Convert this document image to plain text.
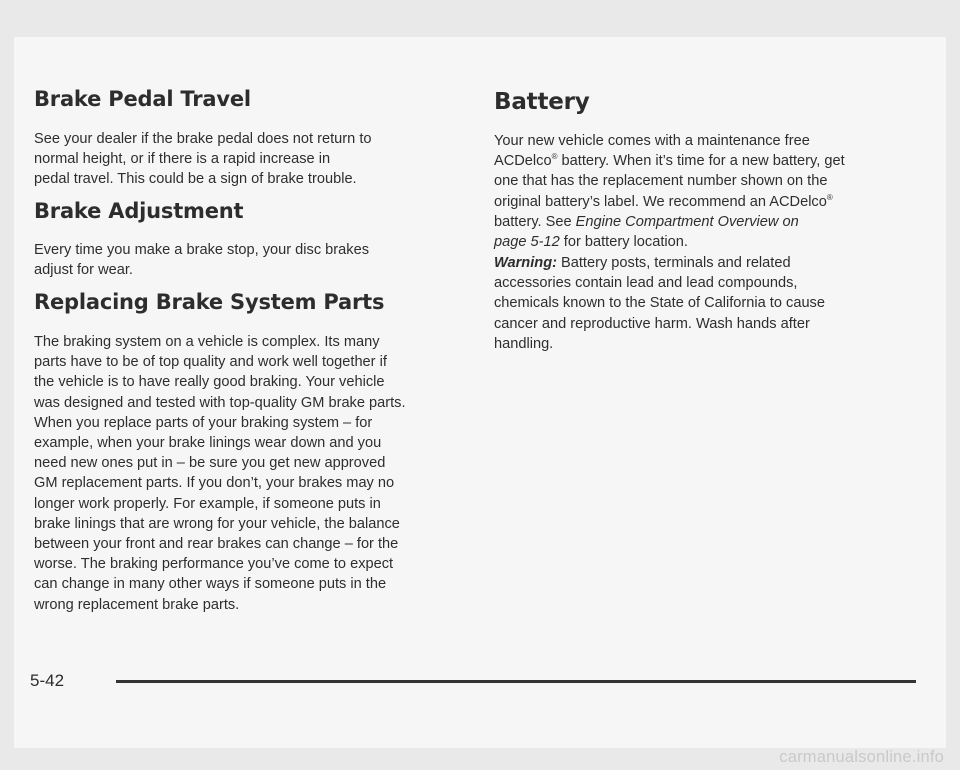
Brake Pedal Travel

See your dealer if the brake pedal does not return to
normal height, or if there is a rapid increase in
pedal travel. This could be a sign of brake trouble.

Brake Adjustment

Every time you make a brake stop, your disc brakes
adjust for wear.

Replacing Brake System Parts

The braking system on a vehicle is complex. Its many
parts have to be of top quality and work well together if
the vehicle is to have really good braking. Your vehicle
was designed and tested with top-quality GM brake parts.
When you replace parts of your braking system – for
example, when your brake linings wear down and you
need new ones put in – be sure you get new approved
GM replacement parts. If you don’t, your brakes may no
longer work properly. For example, if someone puts in
brake linings that are wrong for your vehicle, the balance
between your front and rear brakes can change – for the
worse. The braking performance you’ve come to expect
can change in many other ways if someone puts in the
wrong replacement brake parts.

Battery

Your new vehicle comes with a maintenance free
ACDelco® battery. When it’s time for a new battery, get
one that has the replacement number shown on the
original battery’s label. We recommend an ACDelco®
battery. See Engine Compartment Overview on
page 5-12 for battery location.

Warning: Battery posts, terminals and related
accessories contain lead and lead compounds,
chemicals known to the State of California to cause
cancer and reproductive harm. Wash hands after
handling.

5-42
carmanualsonline.info
